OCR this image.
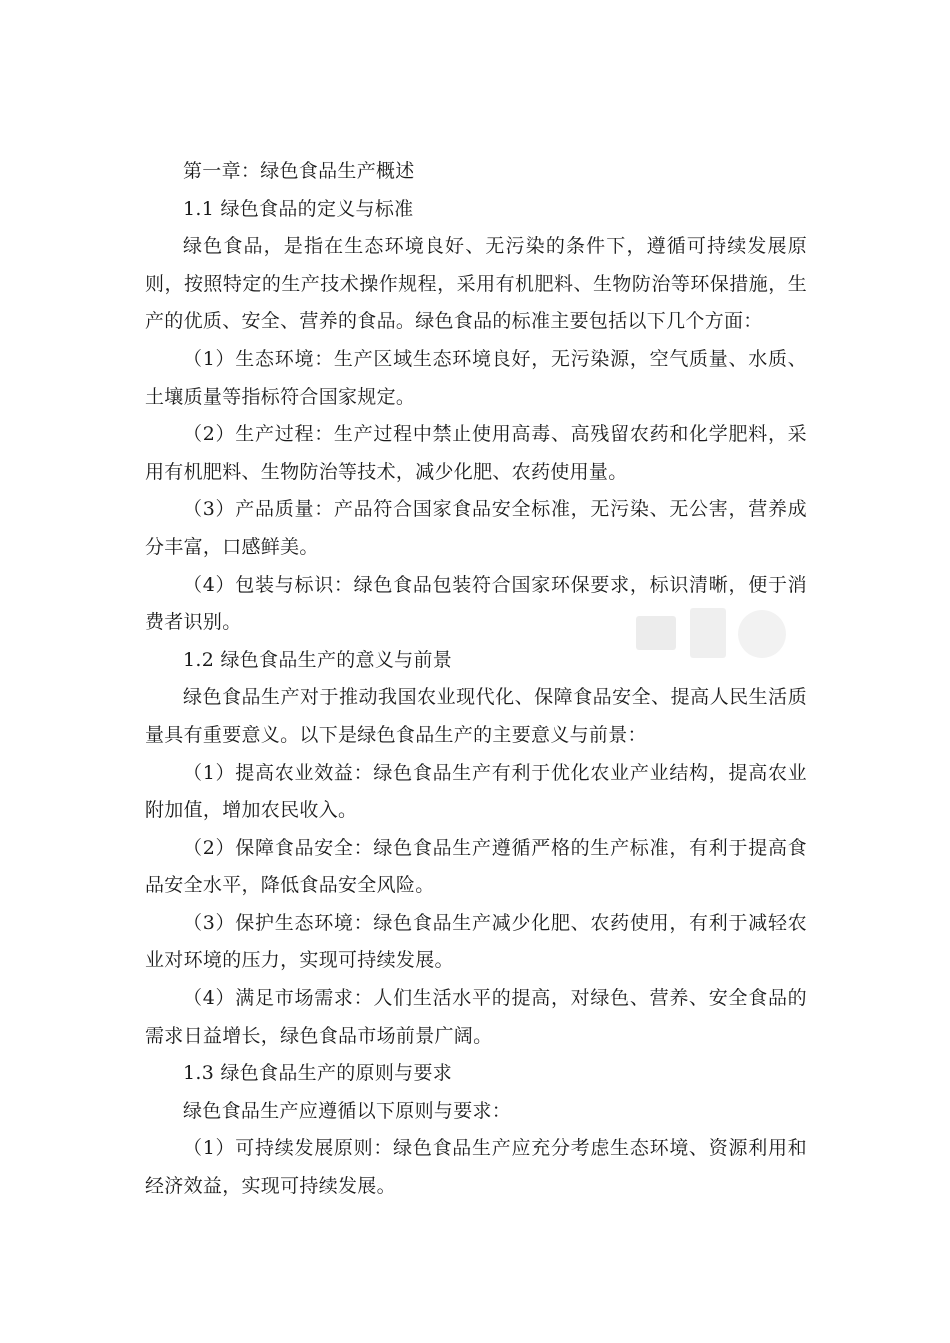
第一章：绿色食品生产概述

1.1 绿色食品的定义与标准

绿色食品，是指在生态环境良好、无污染的条件下，遵循可持续发展原则，按照特定的生产技术操作规程，采用有机肥料、生物防治等环保措施，生产的优质、安全、营养的食品。绿色食品的标准主要包括以下几个方面：

（1）生态环境：生产区域生态环境良好，无污染源，空气质量、水质、土壤质量等指标符合国家规定。

（2）生产过程：生产过程中禁止使用高毒、高残留农药和化学肥料，采用有机肥料、生物防治等技术，减少化肥、农药使用量。

（3）产品质量：产品符合国家食品安全标准，无污染、无公害，营养成分丰富，口感鲜美。

（4）包装与标识：绿色食品包装符合国家环保要求，标识清晰，便于消费者识别。

1.2 绿色食品生产的意义与前景

绿色食品生产对于推动我国农业现代化、保障食品安全、提高人民生活质量具有重要意义。以下是绿色食品生产的主要意义与前景：

（1）提高农业效益：绿色食品生产有利于优化农业产业结构，提高农业附加值，增加农民收入。

（2）保障食品安全：绿色食品生产遵循严格的生产标准，有利于提高食品安全水平，降低食品安全风险。

（3）保护生态环境：绿色食品生产减少化肥、农药使用，有利于减轻农业对环境的压力，实现可持续发展。

（4）满足市场需求：人们生活水平的提高，对绿色、营养、安全食品的需求日益增长，绿色食品市场前景广阔。

1.3 绿色食品生产的原则与要求

绿色食品生产应遵循以下原则与要求：

（1）可持续发展原则：绿色食品生产应充分考虑生态环境、资源利用和经济效益，实现可持续发展。
